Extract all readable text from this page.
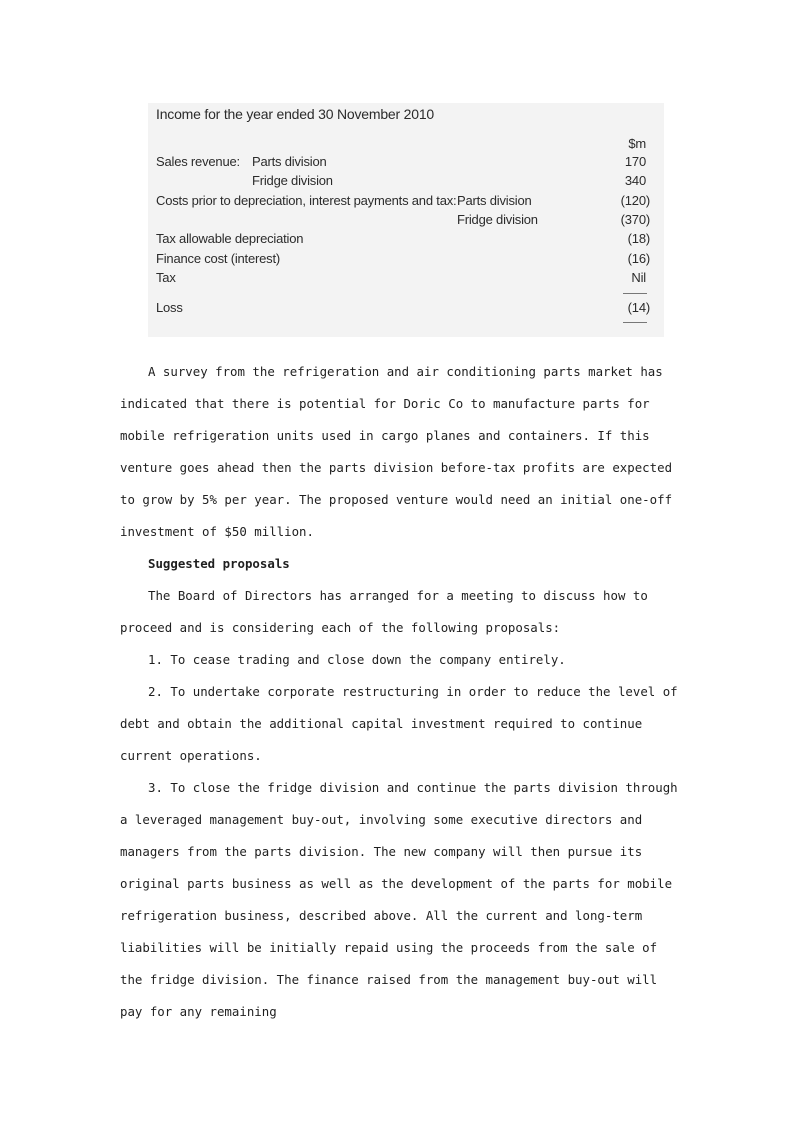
Income for the year ended 30 November 2010
$m
Sales revenue: Parts division	170
Fridge division	340
Costs prior to depreciation, interest payments and tax: Parts division	(120)
Fridge division	(370)
Tax allowable depreciation	(18)
Finance cost (interest)	(16)
Tax	Nil
Loss	(14)

A survey from the refrigeration and air conditioning parts market has indicated that there is potential for Doric Co to manufacture parts for mobile refrigeration units used in cargo planes and containers. If this venture goes ahead then the parts division before-tax profits are expected to grow by 5% per year. The proposed venture would need an initial one-off investment of $50 million.

Suggested proposals

The Board of Directors has arranged for a meeting to discuss how to proceed and is considering each of the following proposals:

1. To cease trading and close down the company entirely.

2. To undertake corporate restructuring in order to reduce the level of debt and obtain the additional capital investment required to continue current operations.

3. To close the fridge division and continue the parts division through a leveraged management buy-out, involving some executive directors and managers from the parts division. The new company will then pursue its original parts business as well as the development of the parts for mobile refrigeration business, described above. All the current and long-term liabilities will be initially repaid using the proceeds from the sale of the fridge division. The finance raised from the management buy-out will pay for any remaining
